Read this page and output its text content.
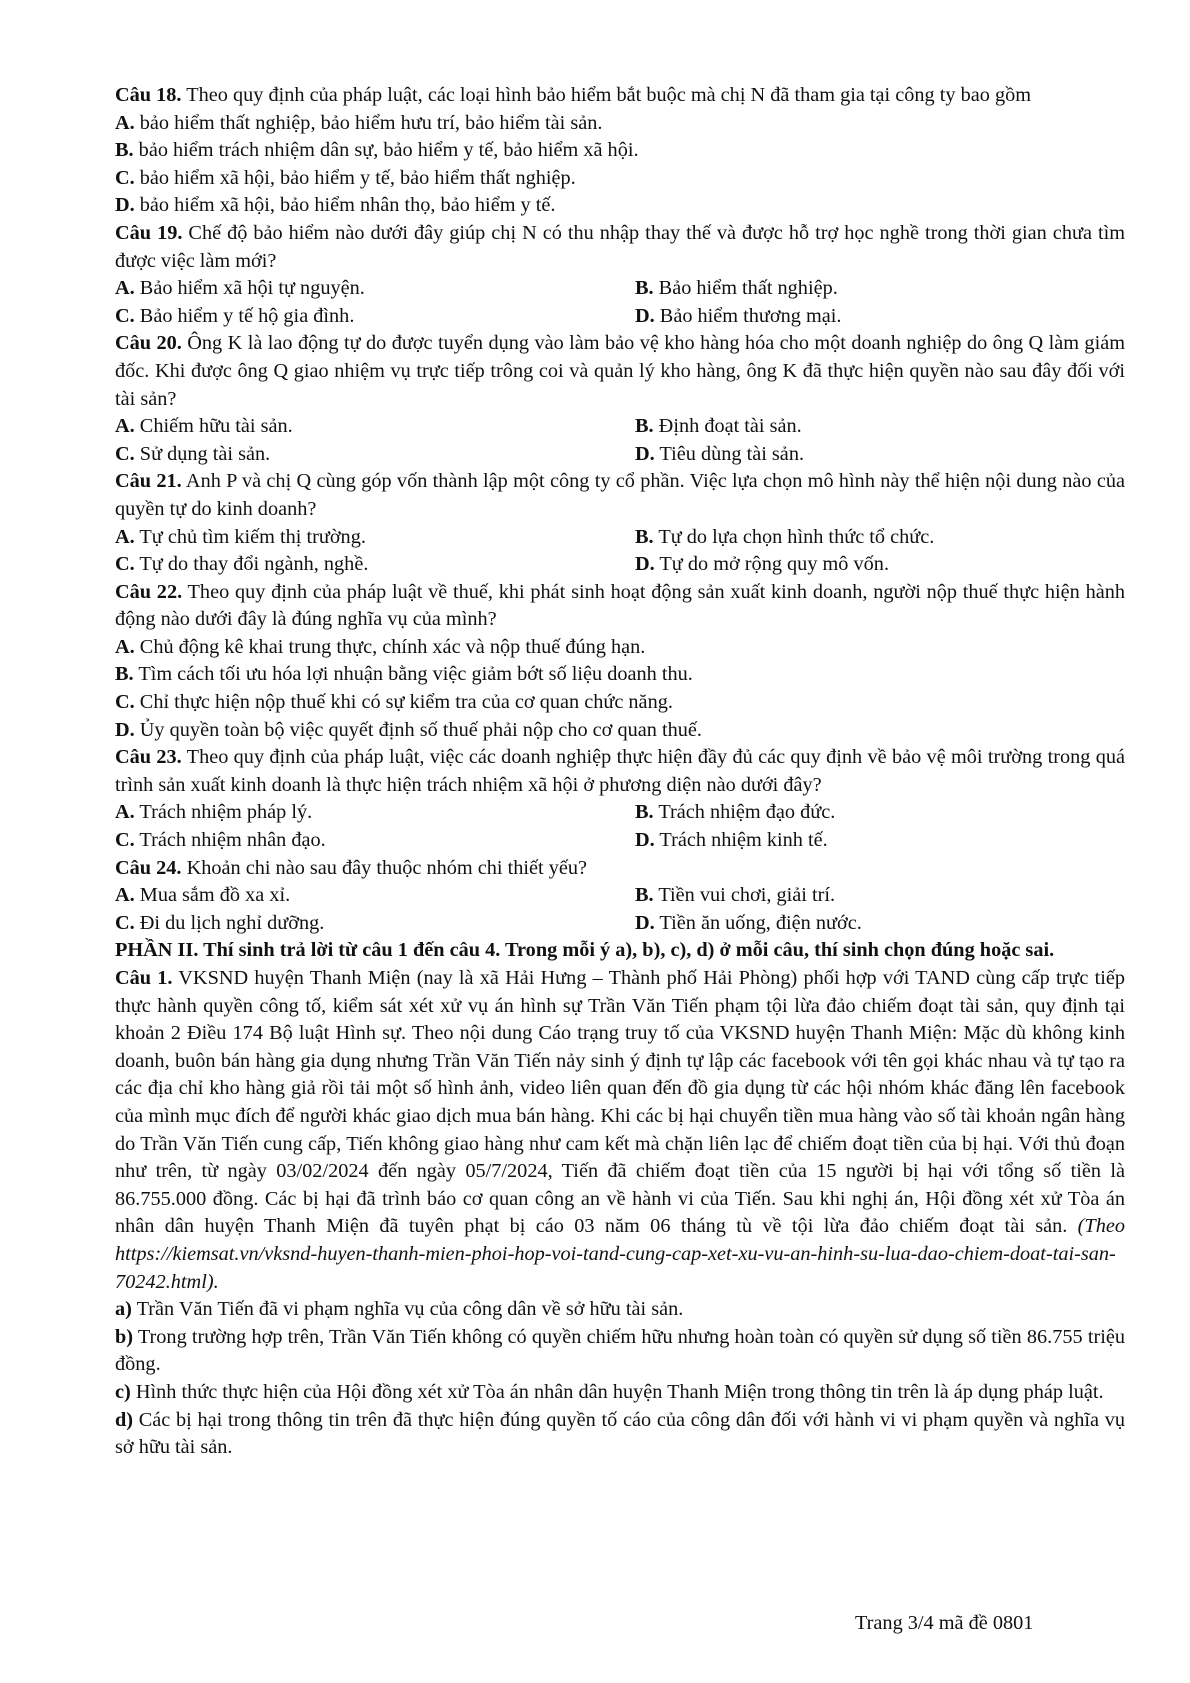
Câu 18. Theo quy định của pháp luật, các loại hình bảo hiểm bắt buộc mà chị N đã tham gia tại công ty bao gồm

A. bảo hiểm thất nghiệp, bảo hiểm hưu trí, bảo hiểm tài sản.

B. bảo hiểm trách nhiệm dân sự, bảo hiểm y tế, bảo hiểm xã hội.

C. bảo hiểm xã hội, bảo hiểm y tế, bảo hiểm thất nghiệp.

D. bảo hiểm xã hội, bảo hiểm nhân thọ, bảo hiểm y tế.

Câu 19. Chế độ bảo hiểm nào dưới đây giúp chị N có thu nhập thay thế và được hỗ trợ học nghề trong thời gian chưa tìm được việc làm mới?

A. Bảo hiểm xã hội tự nguyện.	B. Bảo hiểm thất nghiệp.
C. Bảo hiểm y tế hộ gia đình.	D. Bảo hiểm thương mại.

Câu 20. Ông K là lao động tự do được tuyển dụng vào làm bảo vệ kho hàng hóa cho một doanh nghiệp do ông Q làm giám đốc. Khi được ông Q giao nhiệm vụ trực tiếp trông coi và quản lý kho hàng, ông K đã thực hiện quyền nào sau đây đối với tài sản?

A. Chiếm hữu tài sản.	B. Định đoạt tài sản.
C. Sử dụng tài sản.	D. Tiêu dùng tài sản.

Câu 21. Anh P và chị Q cùng góp vốn thành lập một công ty cổ phần. Việc lựa chọn mô hình này thể hiện nội dung nào của quyền tự do kinh doanh?

A. Tự chủ tìm kiếm thị trường.	B. Tự do lựa chọn hình thức tổ chức.
C. Tự do thay đổi ngành, nghề.	D. Tự do mở rộng quy mô vốn.

Câu 22. Theo quy định của pháp luật về thuế, khi phát sinh hoạt động sản xuất kinh doanh, người nộp thuế thực hiện hành động nào dưới đây là đúng nghĩa vụ của mình?

A. Chủ động kê khai trung thực, chính xác và nộp thuế đúng hạn.

B. Tìm cách tối ưu hóa lợi nhuận bằng việc giảm bớt số liệu doanh thu.

C. Chỉ thực hiện nộp thuế khi có sự kiểm tra của cơ quan chức năng.

D. Ủy quyền toàn bộ việc quyết định số thuế phải nộp cho cơ quan thuế.

Câu 23. Theo quy định của pháp luật, việc các doanh nghiệp thực hiện đầy đủ các quy định về bảo vệ môi trường trong quá trình sản xuất kinh doanh là thực hiện trách nhiệm xã hội ở phương diện nào dưới đây?

A. Trách nhiệm pháp lý.	B. Trách nhiệm đạo đức.
C. Trách nhiệm nhân đạo.	D. Trách nhiệm kinh tế.

Câu 24. Khoản chi nào sau đây thuộc nhóm chi thiết yếu?

A. Mua sắm đồ xa xỉ.	B. Tiền vui chơi, giải trí.
C. Đi du lịch nghỉ dưỡng.	D. Tiền ăn uống, điện nước.

PHẦN II. Thí sinh trả lời từ câu 1 đến câu 4. Trong mỗi ý a), b), c), d) ở mỗi câu, thí sinh chọn đúng hoặc sai.

Câu 1. VKSND huyện Thanh Miện (nay là xã Hải Hưng – Thành phố Hải Phòng) phối hợp với TAND cùng cấp trực tiếp thực hành quyền công tố, kiểm sát xét xử vụ án hình sự Trần Văn Tiến phạm tội lừa đảo chiếm đoạt tài sản, quy định tại khoản 2 Điều 174 Bộ luật Hình sự. Theo nội dung Cáo trạng truy tố của VKSND huyện Thanh Miện: Mặc dù không kinh doanh, buôn bán hàng gia dụng nhưng Trần Văn Tiến nảy sinh ý định tự lập các facebook với tên gọi khác nhau và tự tạo ra các địa chỉ kho hàng giả rồi tải một số hình ảnh, video liên quan đến đồ gia dụng từ các hội nhóm khác đăng lên facebook của mình mục đích để người khác giao dịch mua bán hàng. Khi các bị hại chuyển tiền mua hàng vào số tài khoản ngân hàng do Trần Văn Tiến cung cấp, Tiến không giao hàng như cam kết mà chặn liên lạc để chiếm đoạt tiền của bị hại. Với thủ đoạn như trên, từ ngày 03/02/2024 đến ngày 05/7/2024, Tiến đã chiếm đoạt tiền của 15 người bị hại với tổng số tiền là 86.755.000 đồng. Các bị hại đã trình báo cơ quan công an về hành vi của Tiến. Sau khi nghị án, Hội đồng xét xử Tòa án nhân dân huyện Thanh Miện đã tuyên phạt bị cáo 03 năm 06 tháng tù về tội lừa đảo chiếm đoạt tài sản. (Theo https://kiemsat.vn/vksnd-huyen-thanh-mien-phoi-hop-voi-tand-cung-cap-xet-xu-vu-an-hinh-su-lua-dao-chiem-doat-tai-san-70242.html).

a) Trần Văn Tiến đã vi phạm nghĩa vụ của công dân về sở hữu tài sản.

b) Trong trường hợp trên, Trần Văn Tiến không có quyền chiếm hữu nhưng hoàn toàn có quyền sử dụng số tiền 86.755 triệu đồng.

c) Hình thức thực hiện của Hội đồng xét xử Tòa án nhân dân huyện Thanh Miện trong thông tin trên là áp dụng pháp luật.

d) Các bị hại trong thông tin trên đã thực hiện đúng quyền tố cáo của công dân đối với hành vi vi phạm quyền và nghĩa vụ sở hữu tài sản.

Trang 3/4 mã đề 0801
